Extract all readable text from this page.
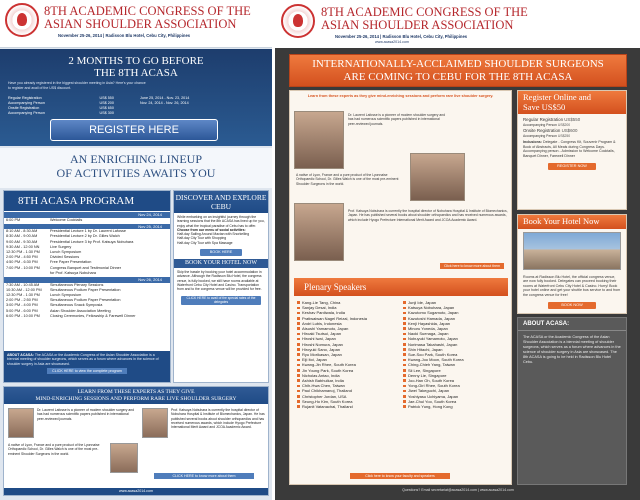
8TH ACADEMIC CONGRESS OF THE
ASIAN SHOULDER ASSOCIATION
November 25-26, 2014 | Radisson Blu Hotel, Cebu City, Philippines
2 MONTHS TO GO BEFORE
THE 8TH ACASA
Have you already registered in the biggest shoulder meeting in Asia? Here's your chance to register and avail of the US$ discount.
Regular Registration	US$ 550
Accompanying Person	US$ 200
Onsite Registration	US$ 650
Accompanying Person	US$ 300
June 25, 2014 - Nov. 23, 2014

Nov. 24, 2014 - Nov. 26, 2014

REGISTER HERE
AN ENRICHING LINEUP
OF ACTIVITIES AWAITS YOU
8TH ACASA PROGRAM
Nov 24, 2014
6:00 PM	Welcome Cocktails
Nov 25, 2014
8:10 AM - 8:30 AM	Presidential Lecture 1 by Dr. Laurent Lafosse
8:30 AM - 9:00 AM	Presidential Lecture 2 by Dr. Gilles Walch
9:00 AM - 9:30 AM	Presidential Lecture 3 by Prof. Katsuya Nobuhara
9:30 AM - 12:00 NN	Live Surgery
12:30 PM - 1:30 PM	Lunch Symposium
2:00 PM - 4:50 PM	Divided Sessions
4:50 PM - 6:30 PM	Free Paper Presentation
7:00 PM - 10:00 PM	Congress Banquet and Testimonial Dinner
for Prof. Katsuya Nobuhara
Nov 26, 2014
7:30 AM - 10:45 AM	Simultaneous Plenary Sessions
10:30 AM - 12:00 PM Simultaneous Podium Paper Presentation
12:30 PM - 1:30 PM	Lunch Symposium
2:00 PM - 2:50 PM	Simultaneous Podium Paper Presentation
3:00 PM - 4:00 PM	Simultaneous Snack Symposia
5:00 PM - 6:00 PM	Asian Shoulder Association Meeting
6:00 PM - 10:00 PM	Closing Ceremonies, Fellowship & Farewell Dinner
ABOUT ACASA: The ACASA or the Academic Congress of the Asian Shoulder Association is a biennial meeting of shoulder surgeons, which serves as a forum where advances in the science of shoulder surgery in Asia are showcased.
CLICK HERE to view the complete program
DISCOVER AND EXPLORE
CEBU
While embarking on an insightful journey through the learning sessions that the 8th ACASA has lined up for you, enjoy what the tropical paradise of Cebu has to offer.
Choose from our menu of social activities:
Half-day Sailing Around Mactan with Snorkelling
Half-day City Tour with Shopping
Half-day City Tour with Spa Massage
BOOK HERE
BOOK YOUR HOTEL NOW
Skip the hassle by booking your hotel accommodation in advance. Although the Radisson Blu Hotel, the congress venue, is fully booked, we still have rooms available at Waterfront Cebu City Hotel and Casino. Transportation from and to the congress venue will be provided for free.
CLICK HERE to avail of the special rates of the delegates
LEARN FROM THESE EXPERTS AS THEY GIVE
MIND-ENRICHING SESSIONS AND PERFORM RARE LIVE SHOULDER SURGERY
Dr. Laurent Lafosse is a pioneer of modern shoulder surgery and has had numerous scientific papers published in international peer-reviewed journals.
Prof. Katsuya Nobuhara is currently the hospital director of Nobuhara Hospital & Institute of Biomechanics, Japan. He has published several books about shoulder orthopaedics and has received numerous awards, which include Hyogo Prefecture International Merit Award and JCOA Academic Award.
A native of Lyon, France and a pure product of the Lyonnaise Orthopaedic School, Dr. Gilles Walch is one of the most pre-eminent Shoulder Surgeons in the world.
CLICK HERE to know more about them
www.acasa2014.com
8TH ACADEMIC CONGRESS OF THE
ASIAN SHOULDER ASSOCIATION
November 25-26, 2014 | Radisson Blu Hotel, Cebu City, Philippines
www.acasa2014.com
INTERNATIONALLY-ACCLAIMED SHOULDER SURGEONS
ARE COMING TO CEBU FOR THE 8TH ACASA
Learn from these experts as they give mind-enriching sessions and perform rare live shoulder surgery.
Dr. Laurent Lafosse is a pioneer of modern shoulder surgery and has had numerous scientific papers published in international peer-reviewed journals.
A native of Lyon, France and a pure product of the Lyonnaise Orthopaedic School, Dr. Gilles Walch is one of the most pre-eminent Shoulder Surgeons in the world.
Prof. Katsuya Nobuhara is currently the hospital director of Nobuhara Hospital & Institute of Biomechanics, Japan. He has published several books about shoulder orthopaedics and has received numerous awards, which include Hyogo Prefecture International Merit Award and JCOA Academic Award.
Click here to know more about them
Plenary Speakers
Kang-Lie Tang, China
Sanjay Desai, India
Keshav Pardiwala, India
Pratiwaiwan Nagel Reizal, Indonesia
Andri Lubis, Indonesia
Atsushi Yamamoto, Japan
Hiroaki Tsutsui, Japan
Hiroshi Iwai, Japan
Hiroshi Nomura, Japan
Hiroyuki Sano, Japan
Ryu Morikasan, Japan
Eiji Itoi, Japan
Kwang-Jin Rhee, South Korea
Jin Young Park, South Korea
Nicholas Antao, India
Ashish Babhulkar, India
Chih-Hwa Chen, Taiwan
Paul Chikhamanoj, Thailand
Christopher Jordan, USA
Seung-Ho Kim, South Korea
Rujanit Vatanachai, Thailand
Junji Ide, Japan
Katsuya Nobuhara, Japan
Kazutomo Sugamoto, Japan
Kazutoshi Hamada, Japan
Kenji Hayashida, Japan
Minoru Yoneda, Japan
Naoki Suenaga, Japan
Nobuyuki Yamamoto, Japan
Norimasa Takahashi, Japan
Shin Hitachi, Japan
Sue-Soo Park, South Korea
Kwang-Joo Moon, South Korea
Ching-Chieh Yang, Taiwan
Sii Lee, Singapore
Denny Lie, Singapore
Joo-Han Oh, South Korea
Yong-Girl Rhee, South Korea
Jiwei Takeguchi, Japan
Yoshiyasu Uchiyama, Japan
Jae-Chul Yoo, South Korea
Patrick Yung, Hong Kong
Click here to know your faculty and speakers
Register Online and
Save US$50
Regular Registration US$550
Accompanying Person US$200
Onsite Registration US$600
Accompanying Person US$250
Inclusions: Delegate - Congress Kit, Souvenir Program & Book of Abstracts, All Meals during Congress Days. Accompanying person - Admission to Welcome Cocktails, Banquet Dinner, Farewell Dinner
REGISTER NOW
Book Your Hotel Now
Rooms at Radisson Blu Hotel, the official congress venue, are now fully booked. Delegates can proceed booking their rooms at Waterfront Cebu City Hotel & Casino. Hurry! Book your hotel online and get your shuttle bus service to and from the congress venue for free!
BOOK NOW
ABOUT ACASA:
The ACASA or the Academic Congress of the Asian Shoulder Association is a biennial meeting of shoulder surgeons, which serves as a forum where advances in the science of shoulder surgery in Asia are showcased. The 8th ACASA is going to be held in Radisson Blu Hotel Cebu.
Questions? Email secretariat@acasa2014.com | www.acasa2014.com
